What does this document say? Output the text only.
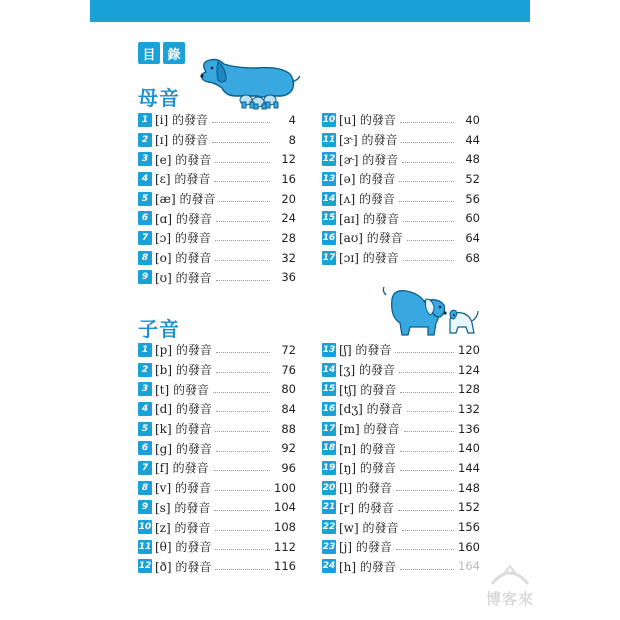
目 錄
母音
1 [i] 的發音	4
2 [ɪ] 的發音	8
3 [e] 的發音	12
4 [ɛ] 的發音	16
5 [æ] 的發音	20
6 [ɑ] 的發音	24
7 [ɔ] 的發音	28
8 [o] 的發音	32
9 [ʊ] 的發音	36
10 [u] 的發音	40
11 [ɝ] 的發音	44
12 [ɚ] 的發音	48
13 [ə] 的發音	52
14 [ʌ] 的發音	56
15 [aɪ] 的發音	60
16 [aʊ] 的發音	64
17 [ɔɪ] 的發音	68
子音
1 [p] 的發音	72
2 [b] 的發音	76
3 [t] 的發音	80
4 [d] 的發音	84
5 [k] 的發音	88
6 [g] 的發音	92
7 [f] 的發音	96
8 [v] 的發音	100
9 [s] 的發音	104
10 [z] 的發音	108
11 [θ] 的發音	112
12 [ð] 的發音	116
13 [ʃ] 的發音	120
14 [ʒ] 的發音	124
15 [tʃ] 的發音	128
16 [dʒ] 的發音	132
17 [m] 的發音	136
18 [n] 的發音	140
19 [ŋ] 的發音	144
20 [l] 的發音	148
21 [r] 的發音	152
22 [w] 的發音	156
23 [j] 的發音	160
24 [h] 的發音	164
博客來
